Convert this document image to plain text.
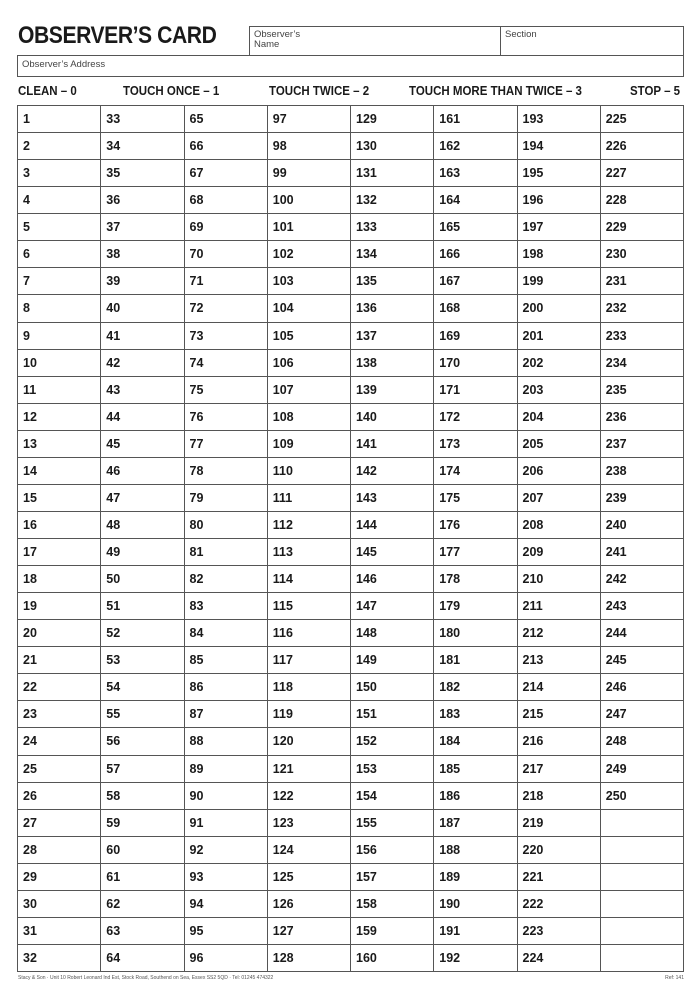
OBSERVER’S CARD	Observer’s
Name
Section
Observer’s Address
CLEAN – 0	TOUCH ONCE – 1	TOUCH TWICE – 2	TOUCH MORE THAN TWICE – 3	STOP – 5
1	33	65	97	129	161	193	225
2	34	66	98	130	162	194	226
3	35	67	99	131	163	195	227
4	36	68	100	132	164	196	228
5	37	69	101	133	165	197	229
6	38	70	102	134	166	198	230
7	39	71	103	135	167	199	231
8	40	72	104	136	168	200	232
9	41	73	105	137	169	201	233
10	42	74	106	138	170	202	234
11	43	75	107	139	171	203	235
12	44	76	108	140	172	204	236
13	45	77	109	141	173	205	237
14	46	78	110	142	174	206	238
15	47	79	111	143	175	207	239
16	48	80	112	144	176	208	240
17	49	81	113	145	177	209	241
18	50	82	114	146	178	210	242
19	51	83	115	147	179	211	243
20	52	84	116	148	180	212	244
21	53	85	117	149	181	213	245
22	54	86	118	150	182	214	246
23	55	87	119	151	183	215	247
24	56	88	120	152	184	216	248
25	57	89	121	153	185	217	249
26	58	90	122	154	186	218	250
27	59	91	123	155	187	219	
28	60	92	124	156	188	220	
29	61	93	125	157	189	221	
30	62	94	126	158	190	222	
31	63	95	127	159	191	223	
32	64	96	128	160	192	224	
Stacy & Son · Unit 10 Robert Leonard Ind Est, Stock Road, Southend on Sea, Essex SS2 5QD · Tel: 01245 474322	Ref: 141
